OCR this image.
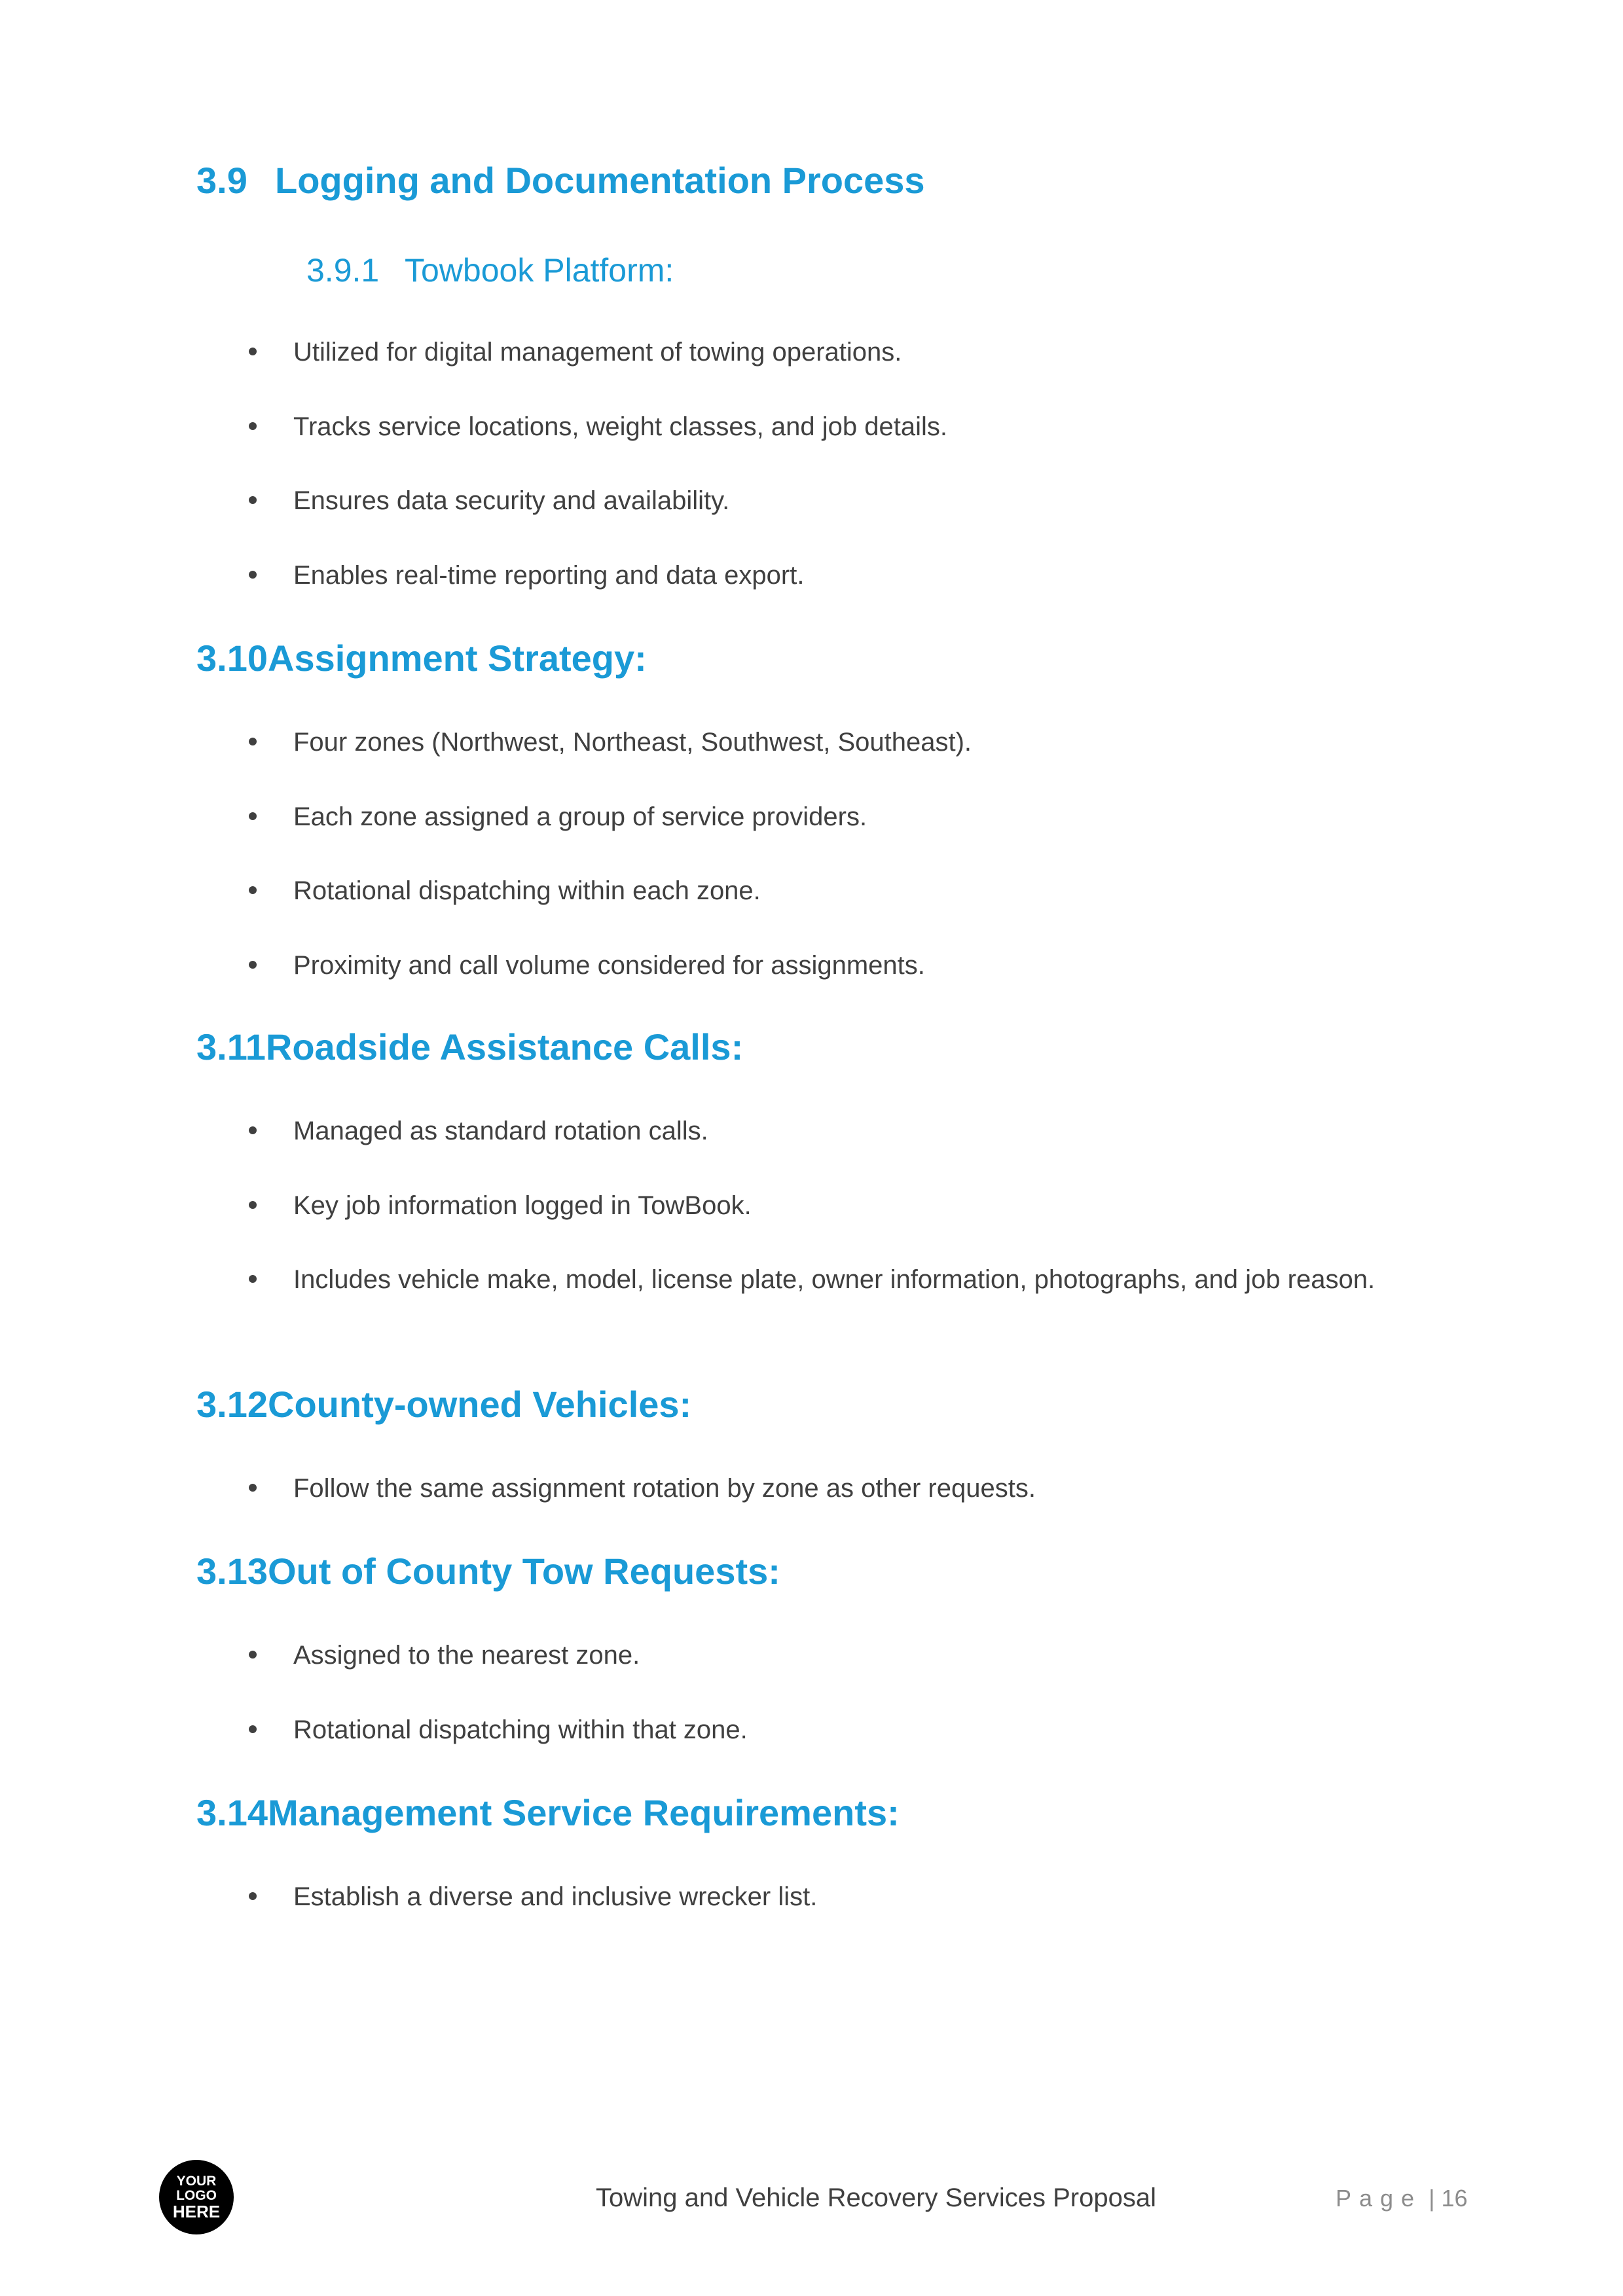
3.9 Logging and Documentation Process
3.9.1 Towbook Platform:
Utilized for digital management of towing operations.
Tracks service locations, weight classes, and job details.
Ensures data security and availability.
Enables real-time reporting and data export.
3.10Assignment Strategy:
Four zones (Northwest, Northeast, Southwest, Southeast).
Each zone assigned a group of service providers.
Rotational dispatching within each zone.
Proximity and call volume considered for assignments.
3.11Roadside Assistance Calls:
Managed as standard rotation calls.
Key job information logged in TowBook.
Includes vehicle make, model, license plate, owner information, photographs, and job reason.
3.12County-owned Vehicles:
Follow the same assignment rotation by zone as other requests.
3.13Out of County Tow Requests:
Assigned to the nearest zone.
Rotational dispatching within that zone.
3.14Management Service Requirements:
Establish a diverse and inclusive wrecker list.
YOUR
LOGO
HERE	Towing and Vehicle Recovery Services Proposal	Page | 16
